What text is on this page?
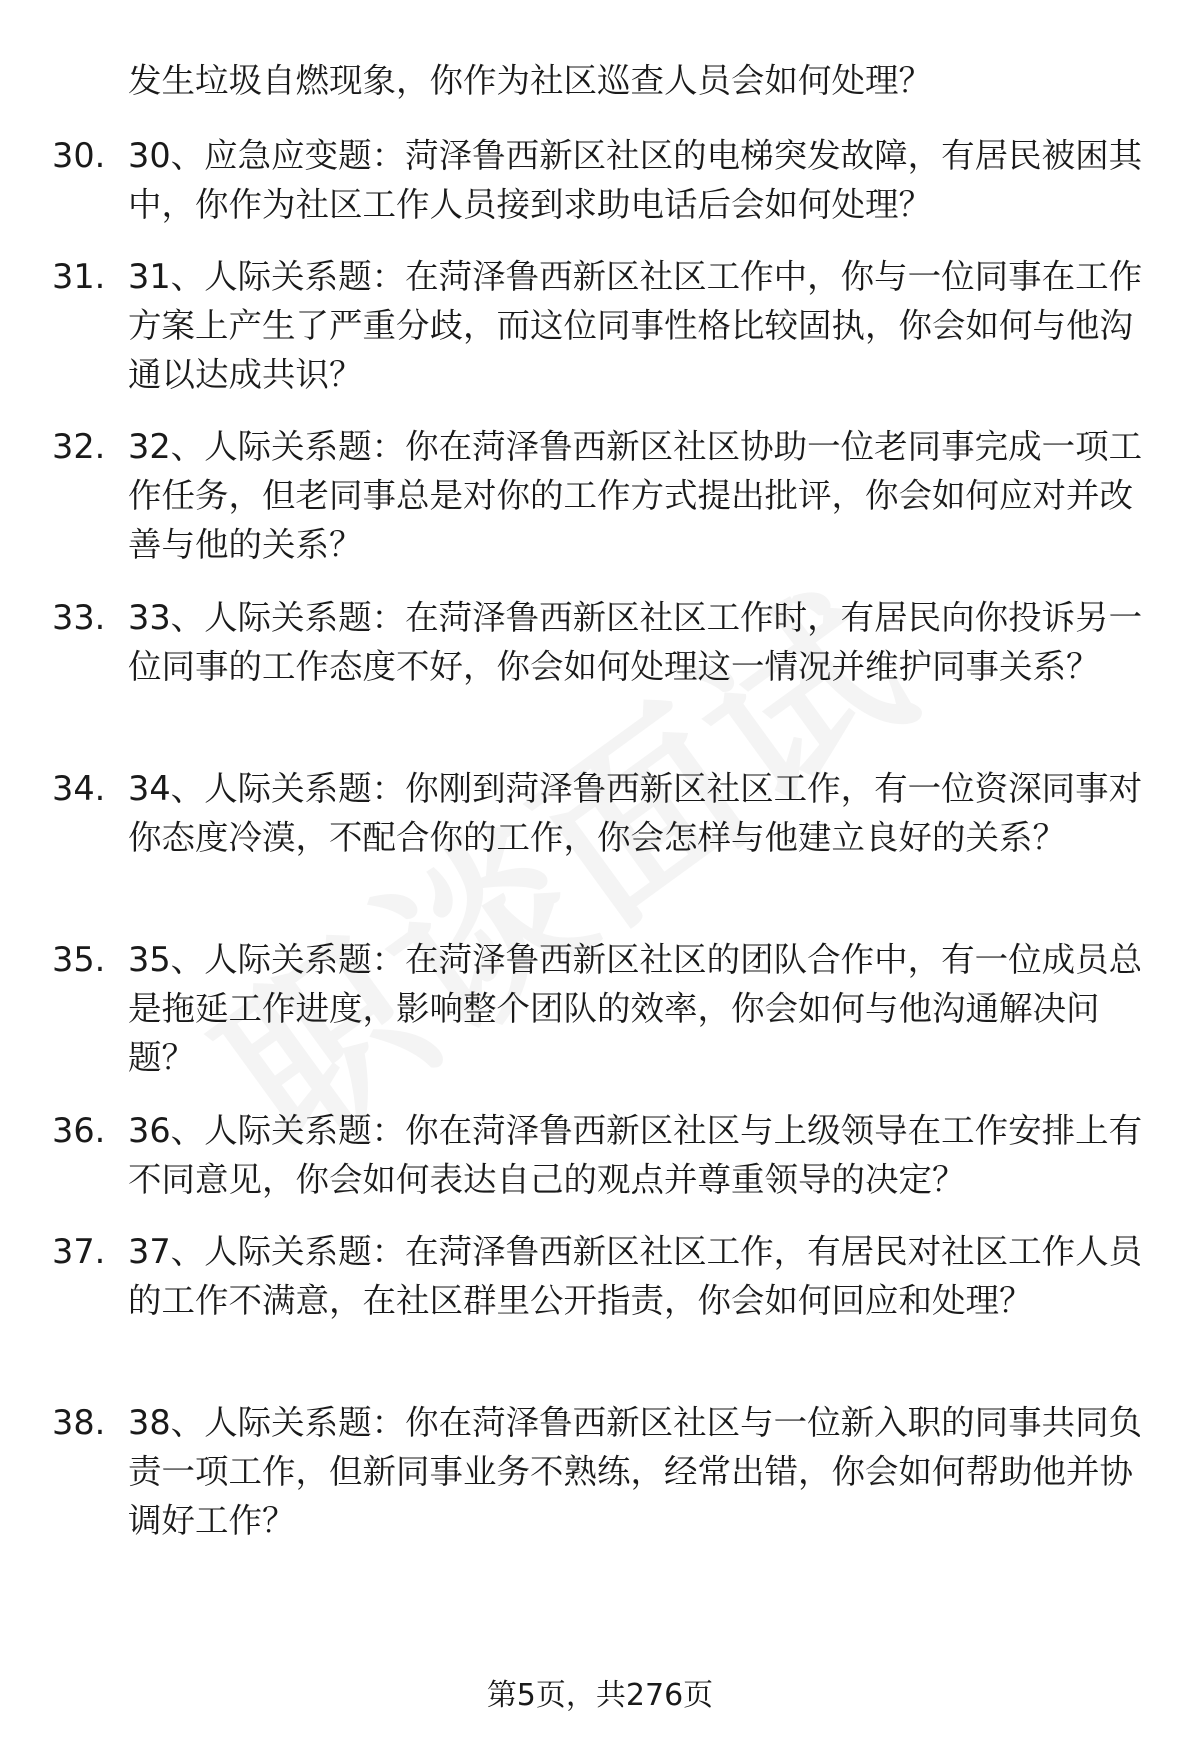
发生垃圾自燃现象，你作为社区巡查人员会如何处理？
30. 30、应急应变题：菏泽鲁西新区社区的电梯突发故障，有居民被困其中，你作为社区工作人员接到求助电话后会如何处理？
31. 31、人际关系题：在菏泽鲁西新区社区工作中，你与一位同事在工作方案上产生了严重分歧，而这位同事性格比较固执，你会如何与他沟通以达成共识？
32. 32、人际关系题：你在菏泽鲁西新区社区协助一位老同事完成一项工作任务，但老同事总是对你的工作方式提出批评，你会如何应对并改善与他的关系？
33. 33、人际关系题：在菏泽鲁西新区社区工作时，有居民向你投诉另一位同事的工作态度不好，你会如何处理这一情况并维护同事关系？
34. 34、人际关系题：你刚到菏泽鲁西新区社区工作，有一位资深同事对你态度冷漠，不配合你的工作，你会怎样与他建立良好的关系？
35. 35、人际关系题：在菏泽鲁西新区社区的团队合作中，有一位成员总是拖延工作进度，影响整个团队的效率，你会如何与他沟通解决问题？
36. 36、人际关系题：你在菏泽鲁西新区社区与上级领导在工作安排上有不同意见，你会如何表达自己的观点并尊重领导的决定？
37. 37、人际关系题：在菏泽鲁西新区社区工作，有居民对社区工作人员的工作不满意，在社区群里公开指责，你会如何回应和处理？
38. 38、人际关系题：你在菏泽鲁西新区社区与一位新入职的同事共同负责一项工作，但新同事业务不熟练，经常出错，你会如何帮助他并协调好工作？
第5页，共276页
